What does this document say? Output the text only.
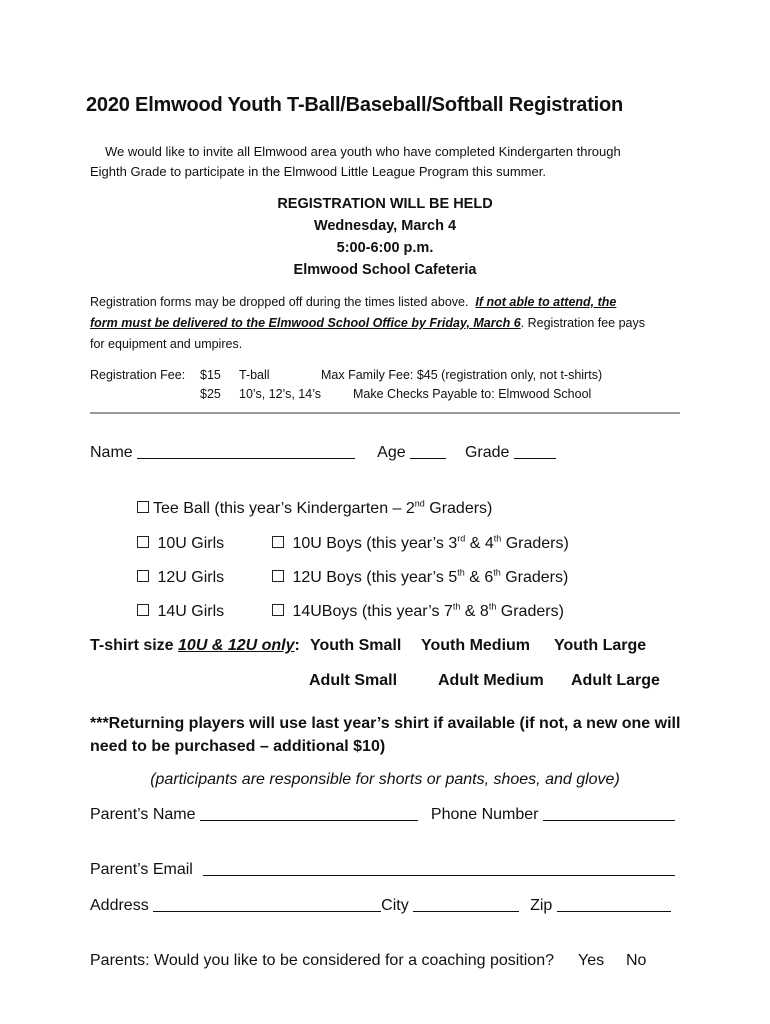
2020 Elmwood Youth T-Ball/Baseball/Softball Registration
We would like to invite all Elmwood area youth who have completed Kindergarten through
Eighth Grade to participate in the Elmwood Little League Program this summer.
REGISTRATION WILL BE HELD
Wednesday, March 4
5:00-6:00 p.m.
Elmwood School Cafeteria
Registration forms may be dropped off during the times listed above. If not able to attend, the
form must be delivered to the Elmwood School Office by Friday, March 6. Registration fee pays
for equipment and umpires.
Registration Fee: $15 T-ball	Max Family Fee: $45 (registration only, not t-shirts)
$25 10’s, 12’s, 14’s	Make Checks Payable to: Elmwood School
Name	Age	Grade
Tee Ball (this year’s Kindergarten – 2nd Graders)
10U Girls	10U Boys (this year’s 3rd & 4th Graders)
12U Girls	12U Boys (this year’s 5th & 6th Graders)
14U Girls	14UBoys (this year’s 7th & 8th Graders)
T-shirt size 10U & 12U only: Youth Small Youth Medium Youth Large
Adult Small	Adult Medium Adult Large
***Returning players will use last year’s shirt if available (if not, a new one will
need to be purchased – additional $10)
(participants are responsible for shorts or pants, shoes, and glove)
Parent’s Name	Phone Number
Parent’s Email
Address	City	Zip
Parents: Would you like to be considered for a coaching position? Yes No
